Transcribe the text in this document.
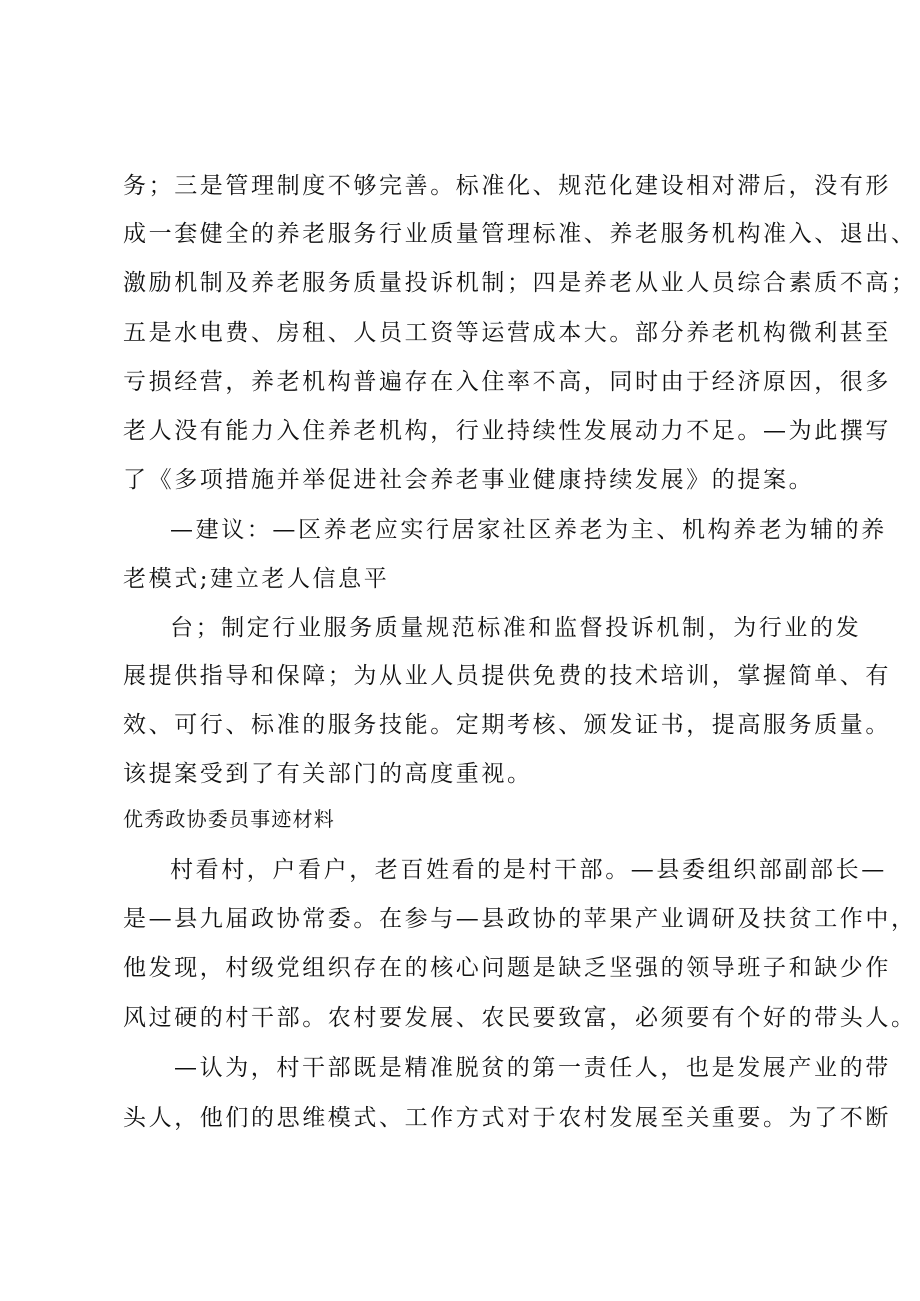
务；三是管理制度不够完善。标准化、规范化建设相对滞后，没有形
成一套健全的养老服务行业质量管理标准、养老服务机构准入、退出、
激励机制及养老服务质量投诉机制；四是养老从业人员综合素质不高；
五是水电费、房租、人员工资等运营成本大。部分养老机构微利甚至
亏损经营，养老机构普遍存在入住率不高，同时由于经济原因，很多
老人没有能力入住养老机构，行业持续性发展动力不足。—为此撰写
了《多项措施并举促进社会养老事业健康持续发展》的提案。
—建议：—区养老应实行居家社区养老为主、机构养老为辅的养
老模式;建立老人信息平
台；制定行业服务质量规范标准和监督投诉机制，为行业的发
展提供指导和保障；为从业人员提供免费的技术培训，掌握简单、有
效、可行、标准的服务技能。定期考核、颁发证书，提高服务质量。
该提案受到了有关部门的高度重视。
优秀政协委员事迹材料
村看村，户看户，老百姓看的是村干部。—县委组织部副部长—
是—县九届政协常委。在参与—县政协的苹果产业调研及扶贫工作中，
他发现，村级党组织存在的核心问题是缺乏坚强的领导班子和缺少作
风过硬的村干部。农村要发展、农民要致富，必须要有个好的带头人。
—认为，村干部既是精准脱贫的第一责任人，也是发展产业的带
头人，他们的思维模式、工作方式对于农村发展至关重要。为了不断
